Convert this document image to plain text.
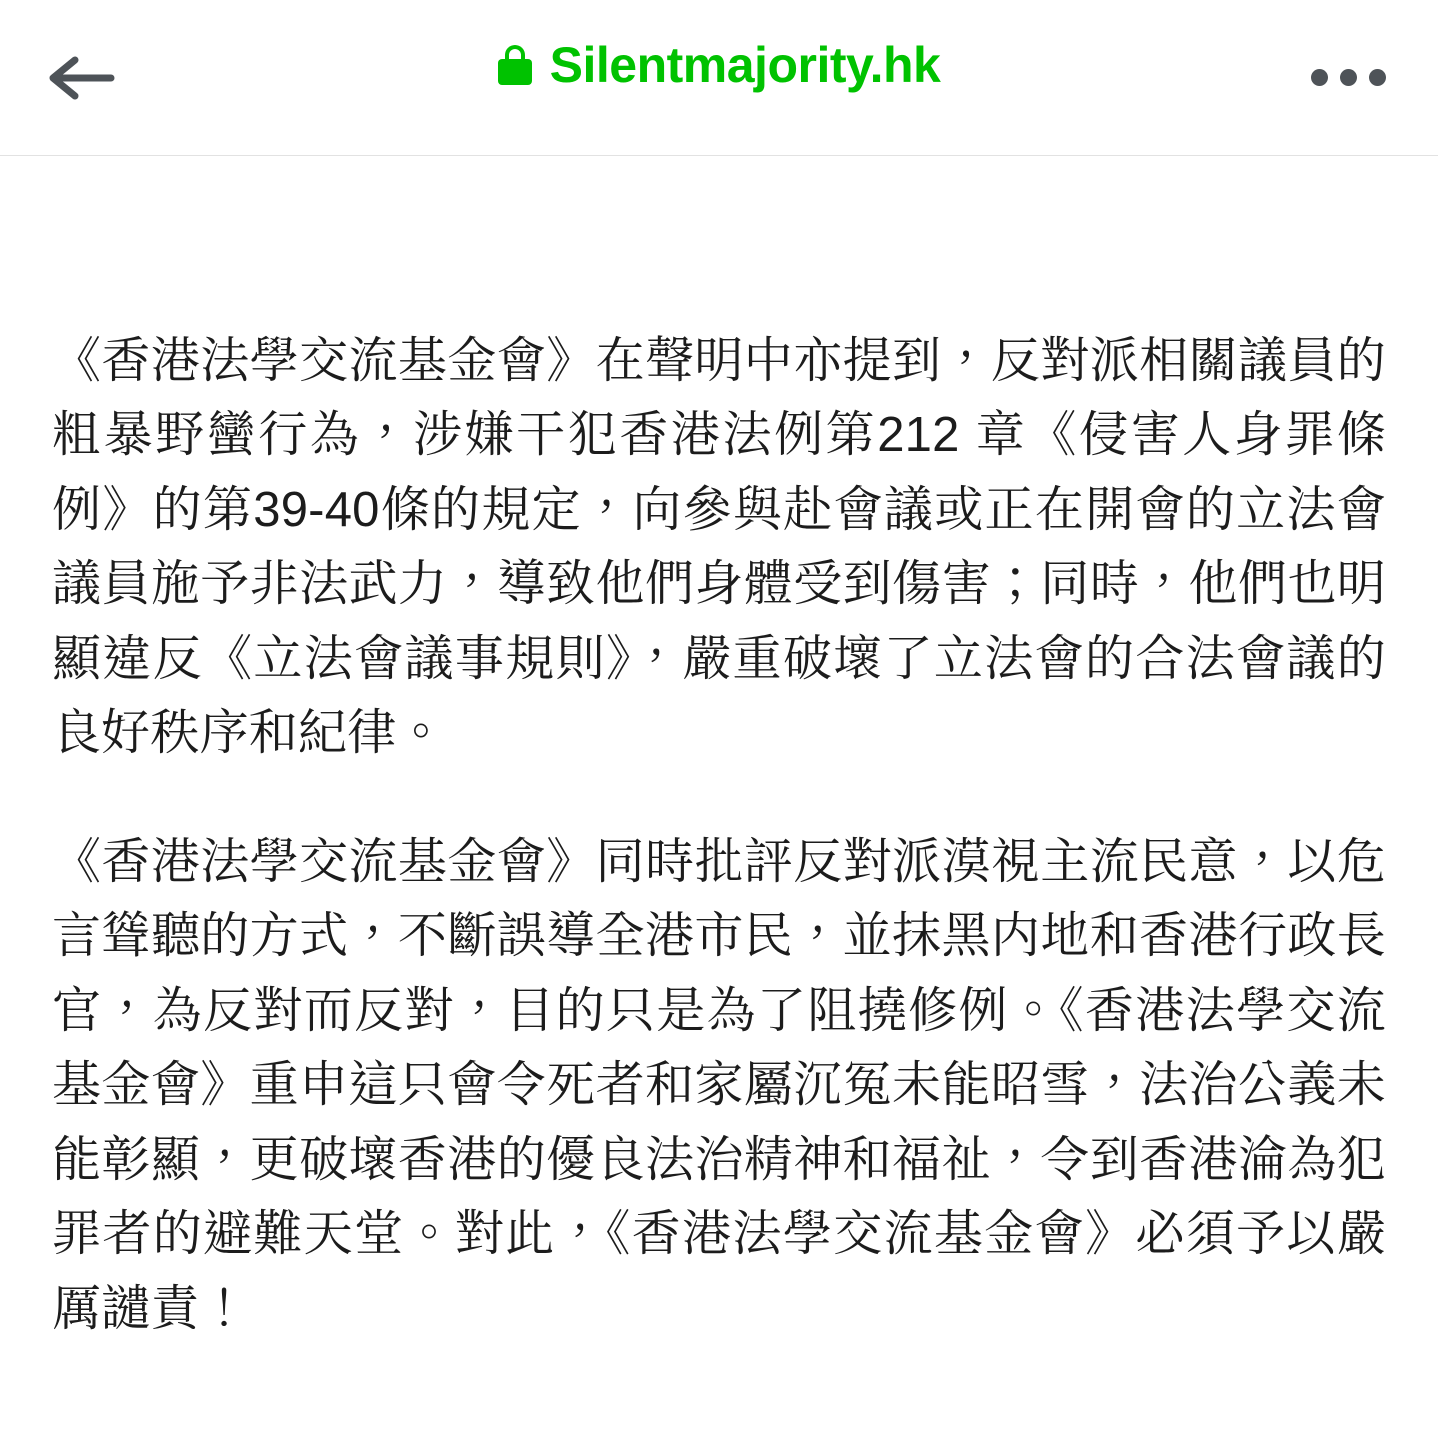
Silentmajority.hk

《香港法學交流基金會》在聲明中亦提到，反對派相關議員的粗暴野蠻行為，涉嫌干犯香港法例第212 章《侵害人身罪條例》的第39-40條的規定，向參與赴會議或正在開會的立法會議員施予非法武力，導致他們身體受到傷害；同時，他們也明顯違反《立法會議事規則》，嚴重破壞了立法會的合法會議的良好秩序和紀律。

《香港法學交流基金會》同時批評反對派漠視主流民意，以危言聳聽的方式，不斷誤導全港市民，並抹黑内地和香港行政長官，為反對而反對，目的只是為了阻撓修例。《香港法學交流基金會》重申這只會令死者和家屬沉冤未能昭雪，法治公義未能彰顯，更破壞香港的優良法治精神和福祉，令到香港淪為犯罪者的避難天堂。對此，《香港法學交流基金會》必須予以嚴厲譴責！
